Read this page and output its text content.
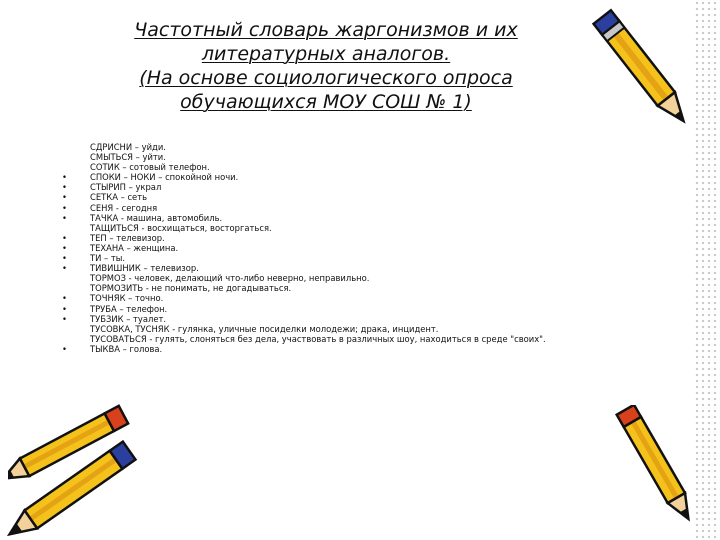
Частотный словарь жаргонизмов и их
литературных аналогов.
(На основе социологического опроса
обучающихся МОУ СОШ № 1)
СДРИСНИ – уйди.
СМЫТЬСЯ – уйти.
СОТИК – сотовый телефон.
•	СПОКИ – НОКИ – спокойной ночи.
•	СТЫРИП – украл
•	СЕТКА – сеть
•	СЕНЯ - сегодня
•	ТАЧКА - машина, автомобиль.
ТАЩИТЬСЯ - восхищаться, восторгаться.
•	ТЕП – телевизор.
•	ТЕХАНА – женщина.
•	ТИ – ты.
•	ТИВИШНИК – телевизор.
ТОРМОЗ - человек, делающий что-либо неверно, неправильно.
ТОРМОЗИТЬ - не понимать, не догадываться.
•	ТОЧНЯК – точно.
•	ТРУБА – телефон.
•	ТУБЗИК – туалет.
ТУСОВКА, ТУСНЯК - гулянка, уличные посиделки молодежи; драка, инцидент.
ТУСОВАТЬСЯ - гулять, слоняться без дела, участвовать в различных шоу, находиться в среде "своих".
•	ТЫКВА – голова.
